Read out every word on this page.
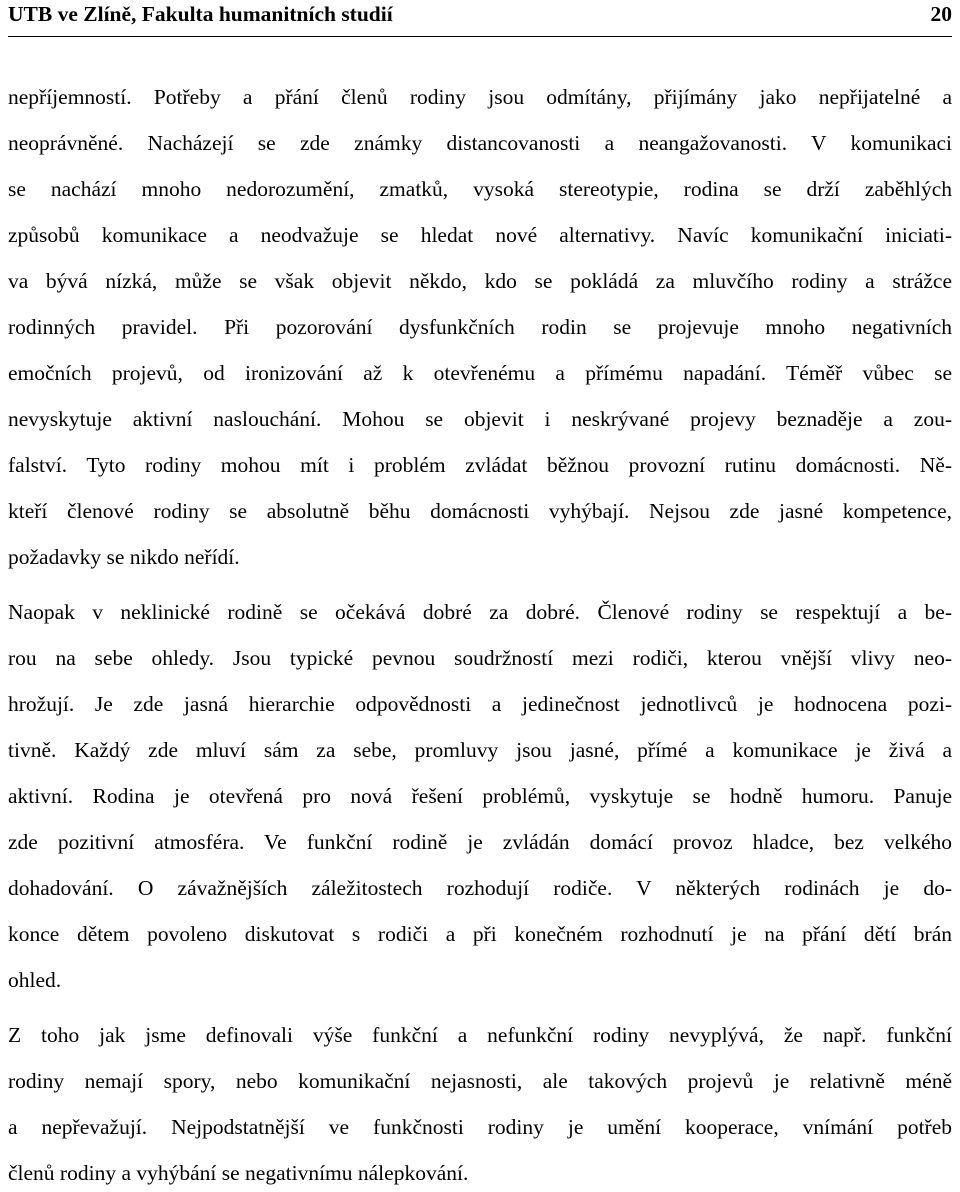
UTB ve Zlíně, Fakulta humanitních studií	20
nepříjemností. Potřeby a přání členů rodiny jsou odmítány, přijímány jako nepřijatelné a
neoprávněné. Nacházejí se zde známky distancovanosti a neangažovanosti. V komunikaci
se nachází mnoho nedorozumění, zmatků, vysoká stereotypie, rodina se drží zaběhlých
způsobů komunikace a neodvažuje se hledat nové alternativy. Navíc komunikační iniciati-
va bývá nízká, může se však objevit někdo, kdo se pokládá za mluvčího rodiny a strážce
rodinných pravidel. Při pozorování dysfunkčních rodin se projevuje mnoho negativních
emočních projevů, od ironizování až k otevřenému a přímému napadání. Téměř vůbec se
nevyskytuje aktivní naslouchání. Mohou se objevit i neskrývané projevy beznaděje a zou-
falství. Tyto rodiny mohou mít i problém zvládat běžnou provozní rutinu domácnosti. Ně-
kteří členové rodiny se absolutně běhu domácnosti vyhýbají. Nejsou zde jasné kompetence,
požadavky se nikdo neřídí.
Naopak v neklinické rodině se očekává dobré za dobré. Členové rodiny se respektují a be-
rou na sebe ohledy. Jsou typické pevnou soudržností mezi rodiči, kterou vnější vlivy neo-
hrožují. Je zde jasná hierarchie odpovědnosti a jedinečnost jednotlivců je hodnocena pozi-
tivně. Každý zde mluví sám za sebe, promluvy jsou jasné, přímé a komunikace je živá a
aktivní. Rodina je otevřená pro nová řešení problémů, vyskytuje se hodně humoru. Panuje
zde pozitivní atmosféra. Ve funkční rodině je zvládán domácí provoz hladce, bez velkého
dohadování. O závažnějších záležitostech rozhodují rodiče. V některých rodinách je do-
konce dětem povoleno diskutovat s rodiči a při konečném rozhodnutí je na přání dětí brán
ohled.
Z toho jak jsme definovali výše funkční a nefunkční rodiny nevyplývá, že např. funkční
rodiny nemají spory, nebo komunikační nejasnosti, ale takových projevů je relativně méně
a nepřevažují. Nejpodstatnější ve funkčnosti rodiny je umění kooperace, vnímání potřeb
členů rodiny a vyhýbání se negativnímu nálepkování.
